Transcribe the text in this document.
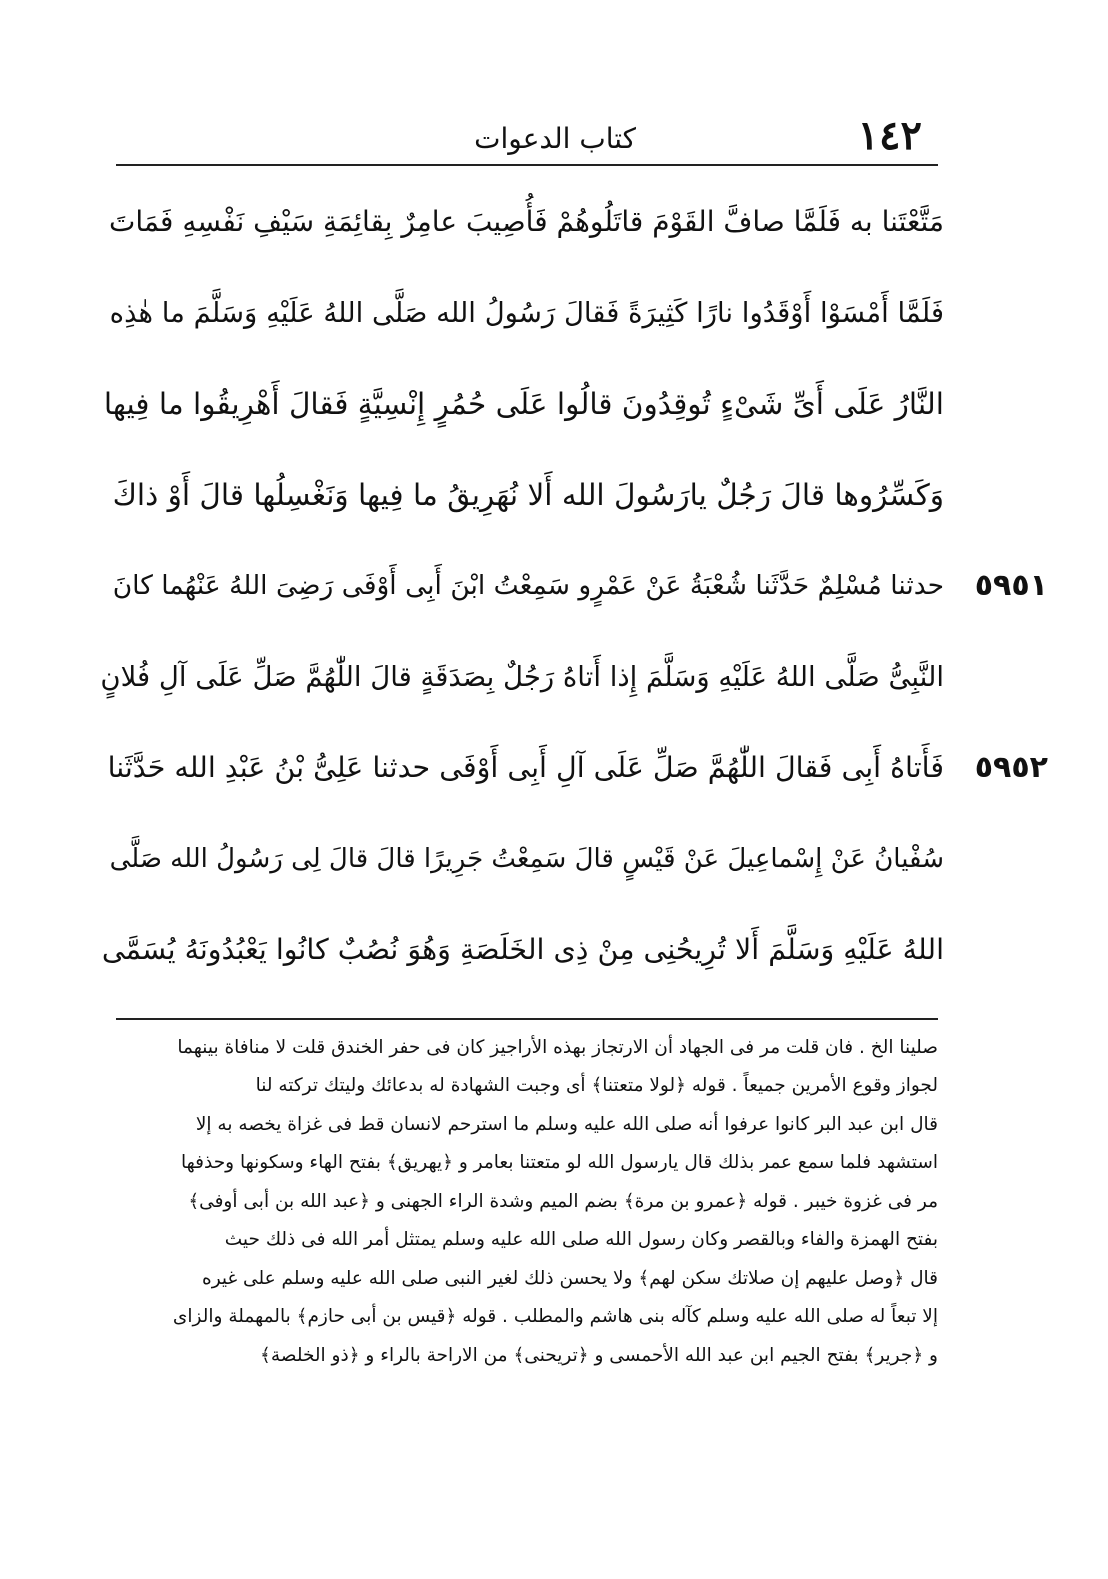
١٤٢
كتاب الدعوات
مَتَّعْتَنا به فَلَمَّا صافَّ القَوْمَ قاتَلُوهُمْ فَأُصِيبَ عامِرٌ بِقائِمَةِ سَيْفِ نَفْسِهِ فَمَاتَ
فَلَمَّا أَمْسَوْا أَوْقَدُوا نارًا كَثِيرَةً فَقالَ رَسُولُ الله صَلَّى اللهُ عَلَيْهِ وَسَلَّمَ ما هٰذِه
النَّارُ عَلَى أَىِّ شَىْءٍ تُوقِدُونَ قالُوا عَلَى حُمُرٍ إِنْسِيَّةٍ فَقالَ أَهْرِيقُوا ما فِيها
وَكَسِّرُوها قالَ رَجُلٌ يارَسُولَ الله أَلا نُهَرِيقُ ما فِيها وَنَغْسِلُها قالَ أَوْ ذاكَ
٥٩٥١
حدثنا مُسْلِمٌ حَدَّثَنا شُعْبَةُ عَنْ عَمْرٍو سَمِعْتُ ابْنَ أَبِى أَوْفَى رَضِىَ اللهُ عَنْهُما كانَ
النَّبِىُّ صَلَّى اللهُ عَلَيْهِ وَسَلَّمَ إِذا أَتاهُ رَجُلٌ بِصَدَقَةٍ قالَ اللّٰهُمَّ صَلِّ عَلَى آلِ فُلانٍ
٥٩٥٢
فَأَتاهُ أَبِى فَقالَ اللّٰهُمَّ صَلِّ عَلَى آلِ أَبِى أَوْفَى حدثنا عَلِىُّ بْنُ عَبْدِ الله حَدَّثَنا
سُفْيانُ عَنْ إِسْماعِيلَ عَنْ قَيْسٍ قالَ سَمِعْتُ جَرِيرًا قالَ قالَ لِى رَسُولُ الله صَلَّى
اللهُ عَلَيْهِ وَسَلَّمَ أَلا تُرِيحُنِى مِنْ ذِى الخَلَصَةِ وَهُوَ نُصُبٌ كانُوا يَعْبُدُونَهُ يُسَمَّى
صلينا الخ . فان قلت مر فى الجهاد أن الارتجاز بهذه الأراجيز كان فى حفر الخندق قلت لا منافاة بينهما
لجواز وقوع الأمرين جميعاً . قوله ﴿لولا متعتنا﴾ أى وجبت الشهادة له بدعائك وليتك تركته لنا
قال ابن عبد البر كانوا عرفوا أنه صلى الله عليه وسلم ما استرحم لانسان قط فى غزاة يخصه به إلا
استشهد فلما سمع عمر بذلك قال يارسول الله لو متعتنا بعامر و ﴿يهريق﴾ بفتح الهاء وسكونها وحذفها
مر فى غزوة خيبر . قوله ﴿عمرو بن مرة﴾ بضم الميم وشدة الراء الجهنى و ﴿عبد الله بن أبى أوفى﴾
بفتح الهمزة والفاء وبالقصر وكان رسول الله صلى الله عليه وسلم يمتثل أمر الله فى ذلك حيث
قال ﴿وصل عليهم إن صلاتك سكن لهم﴾ ولا يحسن ذلك لغير النبى صلى الله عليه وسلم على غيره
إلا تبعاً له صلى الله عليه وسلم كآله بنى هاشم والمطلب . قوله ﴿قيس بن أبى حازم﴾ بالمهملة والزاى
و ﴿جرير﴾ بفتح الجيم ابن عبد الله الأحمسى و ﴿تريحنى﴾ من الاراحة بالراء و ﴿ذو الخلصة﴾
